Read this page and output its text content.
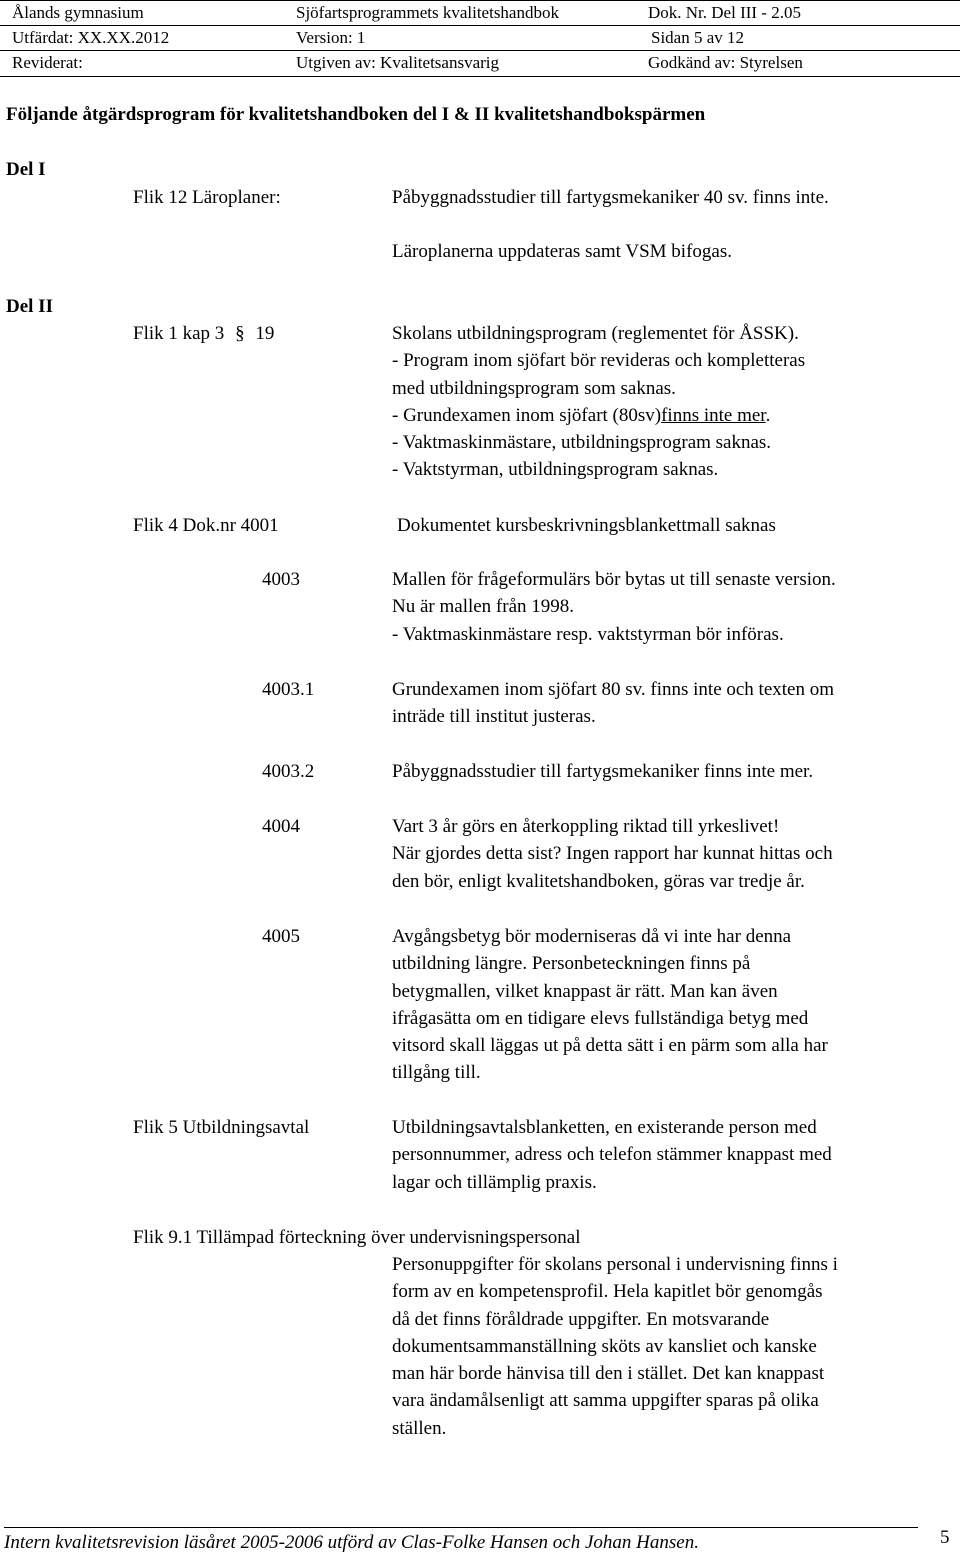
Ålands gymnasium	Sjöfartsprogrammets kvalitetshandbok	Dok. Nr. Del III - 2.05
Utfärdat: XX.XX.2012	Version: 1	Sidan 5 av 12
Reviderat:	Utgiven av: Kvalitetsansvarig	Godkänd av: Styrelsen
Följande åtgärdsprogram för kvalitetshandboken del I & II kvalitetshandbokspärmen
Del I
Flik 12 Läroplaner:	Påbyggnadsstudier till fartygsmekaniker 40 sv. finns inte.
Läroplanerna uppdateras samt VSM bifogas.
Del II
Flik 1 kap 3 § 19	Skolans utbildningsprogram (reglementet för ÅSSK).
- Program inom sjöfart bör revideras och kompletteras
med utbildningsprogram som saknas.
- Grundexamen inom sjöfart (80sv)finns inte mer.
- Vaktmaskinmästare, utbildningsprogram saknas.
- Vaktstyrman, utbildningsprogram saknas.
Flik 4 Dok.nr 4001	Dokumentet kursbeskrivningsblankettmall saknas
4003	Mallen för frågeformulärs bör bytas ut till senaste version.
Nu är mallen från 1998.
- Vaktmaskinmästare resp. vaktstyrman bör införas.
4003.1	Grundexamen inom sjöfart 80 sv. finns inte och texten om
inträde till institut justeras.
4003.2	Påbyggnadsstudier till fartygsmekaniker finns inte mer.
4004	Vart 3 år görs en återkoppling riktad till yrkeslivet!
När gjordes detta sist? Ingen rapport har kunnat hittas och
den bör, enligt kvalitetshandboken, göras var tredje år.
4005	Avgångsbetyg bör moderniseras då vi inte har denna
utbildning längre. Personbeteckningen finns på
betygmallen, vilket knappast är rätt. Man kan även
ifrågasätta om en tidigare elevs fullständiga betyg med
vitsord skall läggas ut på detta sätt i en pärm som alla har
tillgång till.
Flik 5 Utbildningsavtal	Utbildningsavtalsblanketten, en existerande person med
personnummer, adress och telefon stämmer knappast med
lagar och tillämplig praxis.
Flik 9.1 Tillämpad förteckning över undervisningspersonal
Personuppgifter för skolans personal i undervisning finns i
form av en kompetensprofil. Hela kapitlet bör genomgås
då det finns föråldrade uppgifter. En motsvarande
dokumentsammanställning sköts av kansliet och kanske
man här borde hänvisa till den i stället. Det kan knappast
vara ändamålsenligt att samma uppgifter sparas på olika
ställen.
Intern kvalitetsrevision läsåret 2005-2006 utförd av Clas-Folke Hansen och Johan Hansen.	5
